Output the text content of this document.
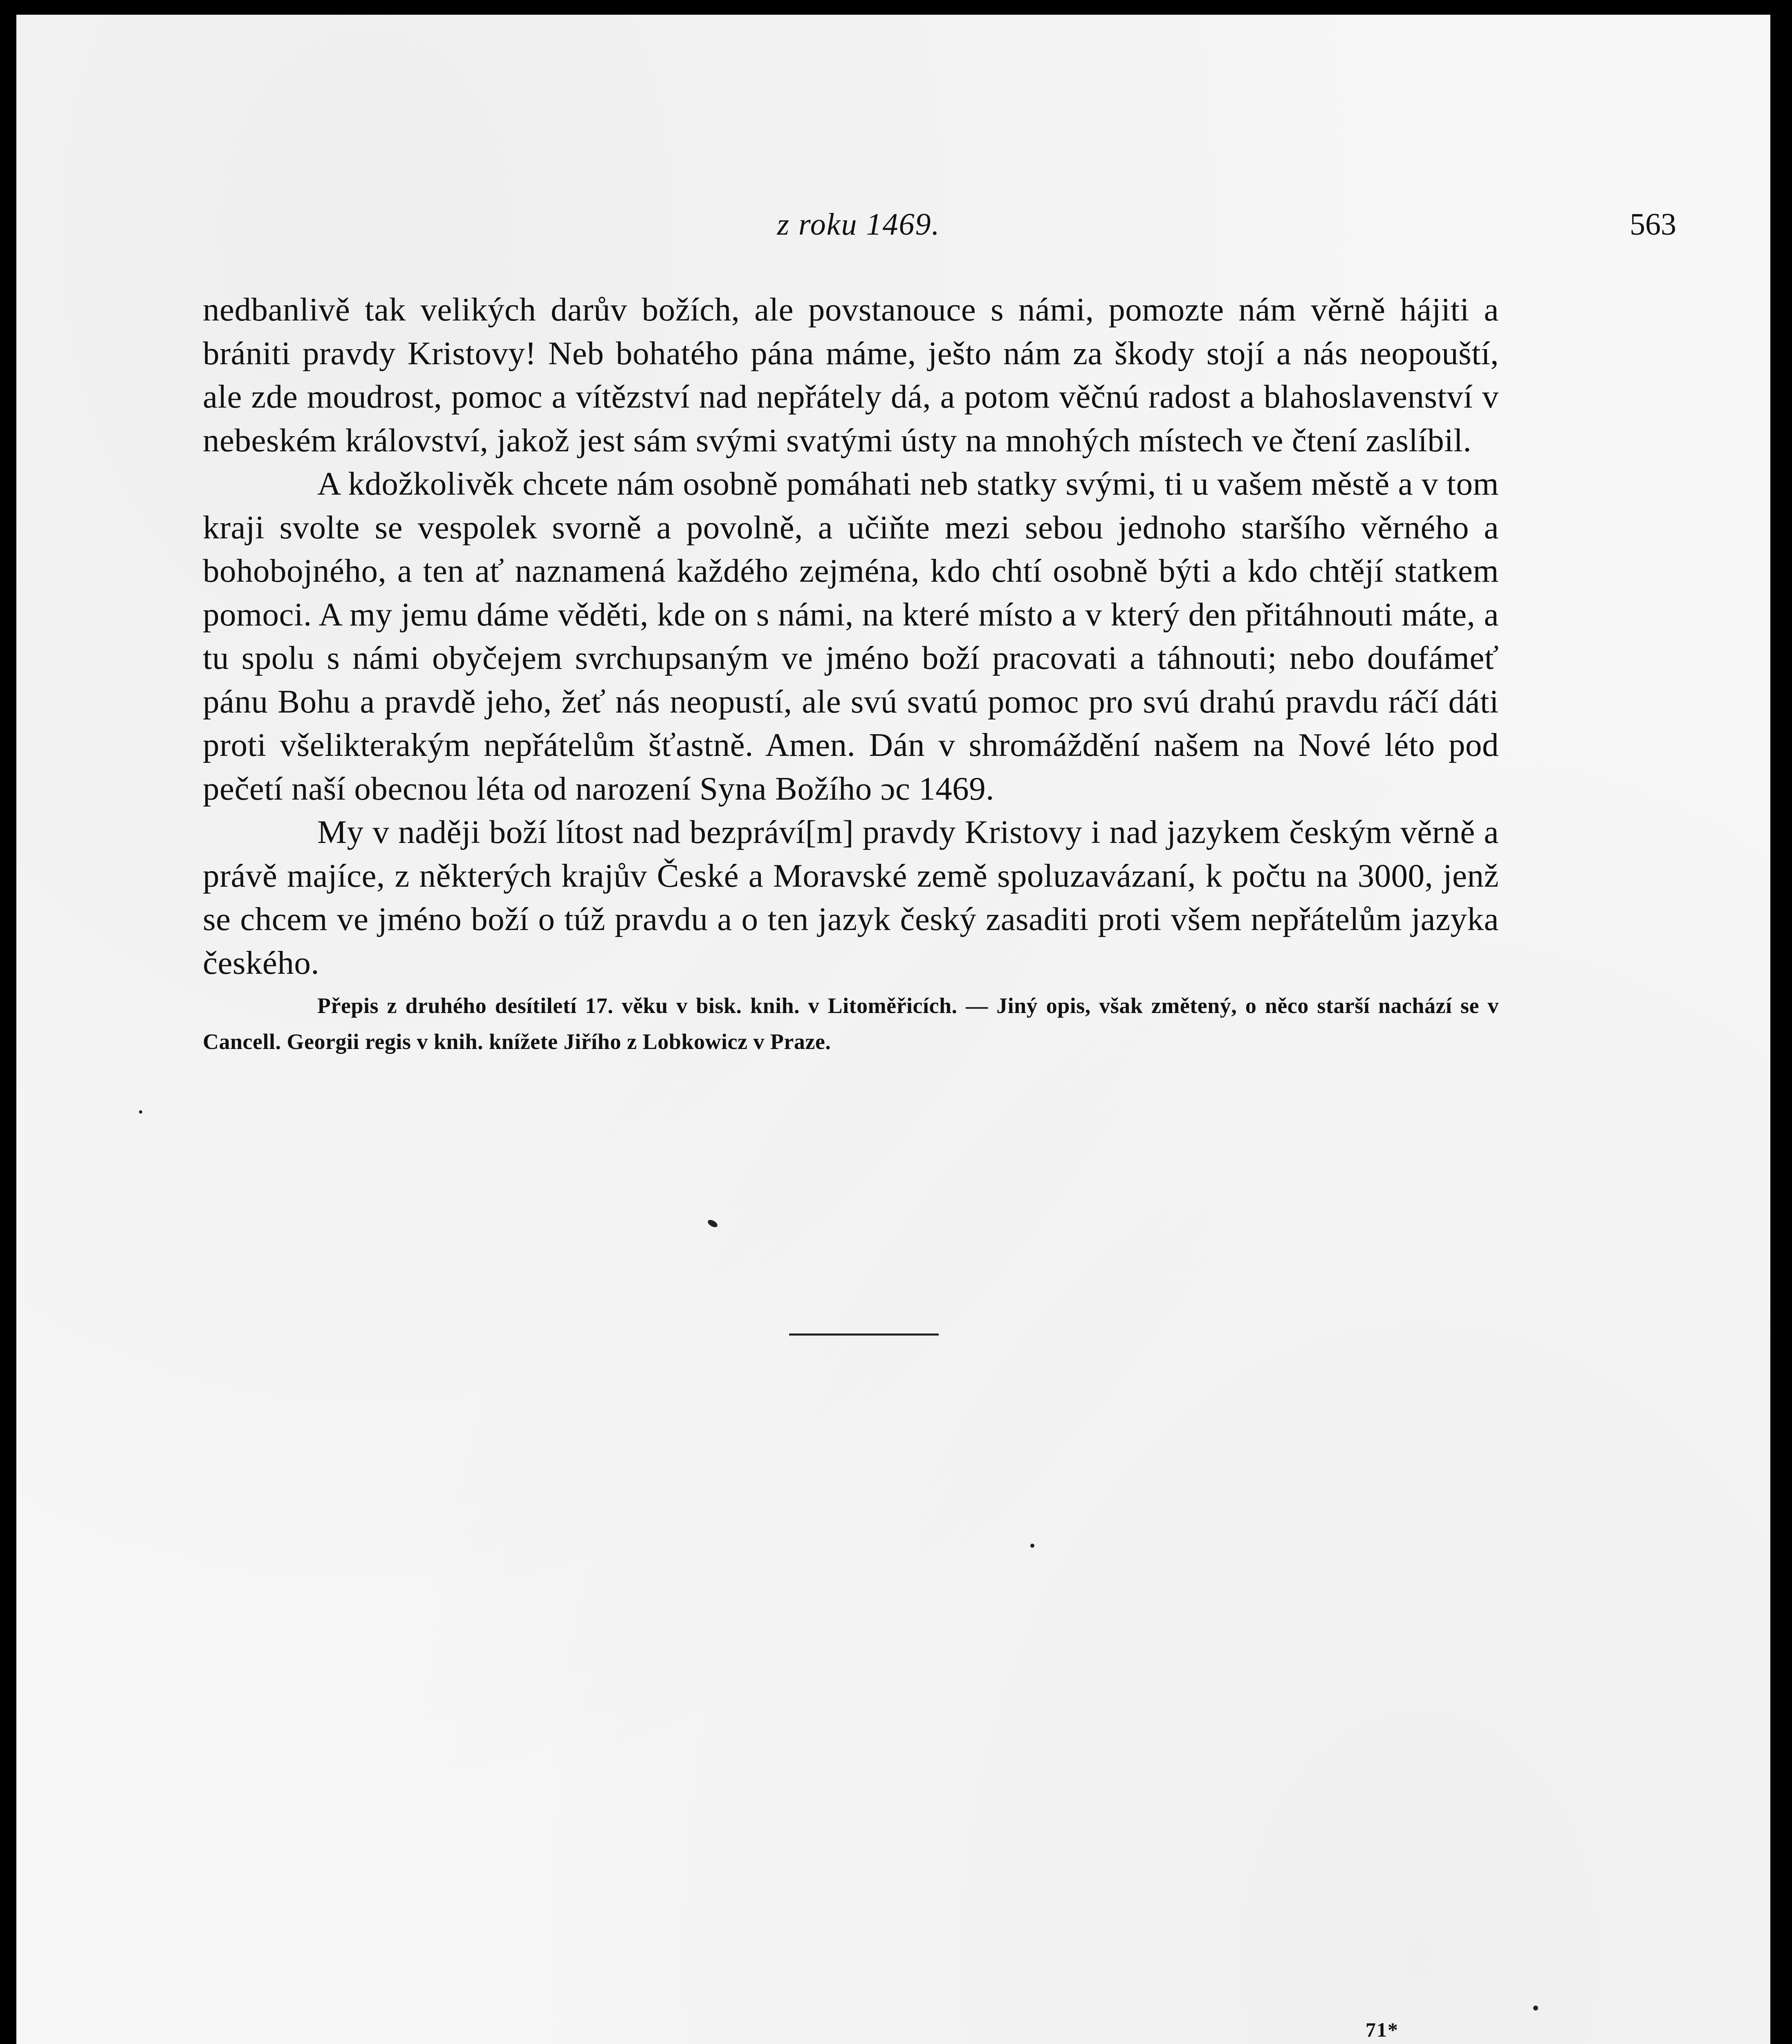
z roku 1469.	563

nedbanlivě tak velikých darův božích, ale povstanouce s námi, pomozte nám věrně hájiti a brániti pravdy Kristovy! Neb bohatého pána máme, ješto nám za škody stojí a nás neopouští, ale zde moudrost, pomoc a vítězství nad nepřátely dá, a potom věčnú radost a blahoslavenství v nebeském království, jakož jest sám svými svatými ústy na mnohých místech ve čtení zaslíbil.

A kdožkolivěk chcete nám osobně pomáhati neb statky svými, ti u vašem městě a v tom kraji svolte se vespolek svorně a povolně, a učiňte mezi sebou jednoho staršího věrného a bohobojného, a ten ať naznamená každého zejména, kdo chtí osobně býti a kdo chtějí statkem pomoci. A my jemu dáme věděti, kde on s námi, na které místo a v který den přitáhnouti máte, a tu spolu s námi obyčejem svrchupsaným ve jméno boží pracovati a táhnouti; nebo doufámeť pánu Bohu a pravdě jeho, žeť nás neopustí, ale svú svatú pomoc pro svú drahú pravdu ráčí dáti proti všelikterakým nepřátelům šťastně. Amen. Dán v shromáždění našem na Nové léto pod pečetí naší obecnou léta od narození Syna Božího ɔc 1469.

My v naději boží lítost nad bezpráví[m] pravdy Kristovy i nad jazykem českým věrně a právě majíce, z některých krajův České a Moravské země spoluzavázaní, k počtu na 3000, jenž se chcem ve jméno boží o túž pravdu a o ten jazyk český zasaditi proti všem nepřátelům jazyka českého.

Přepis z druhého desítiletí 17. věku v bisk. knih. v Litoměřicích. — Jiný opis, však změtený, o něco starší nachází se v Cancell. Georgii regis v knih. knížete Jiřího z Lobkowicz v Praze.

71*
